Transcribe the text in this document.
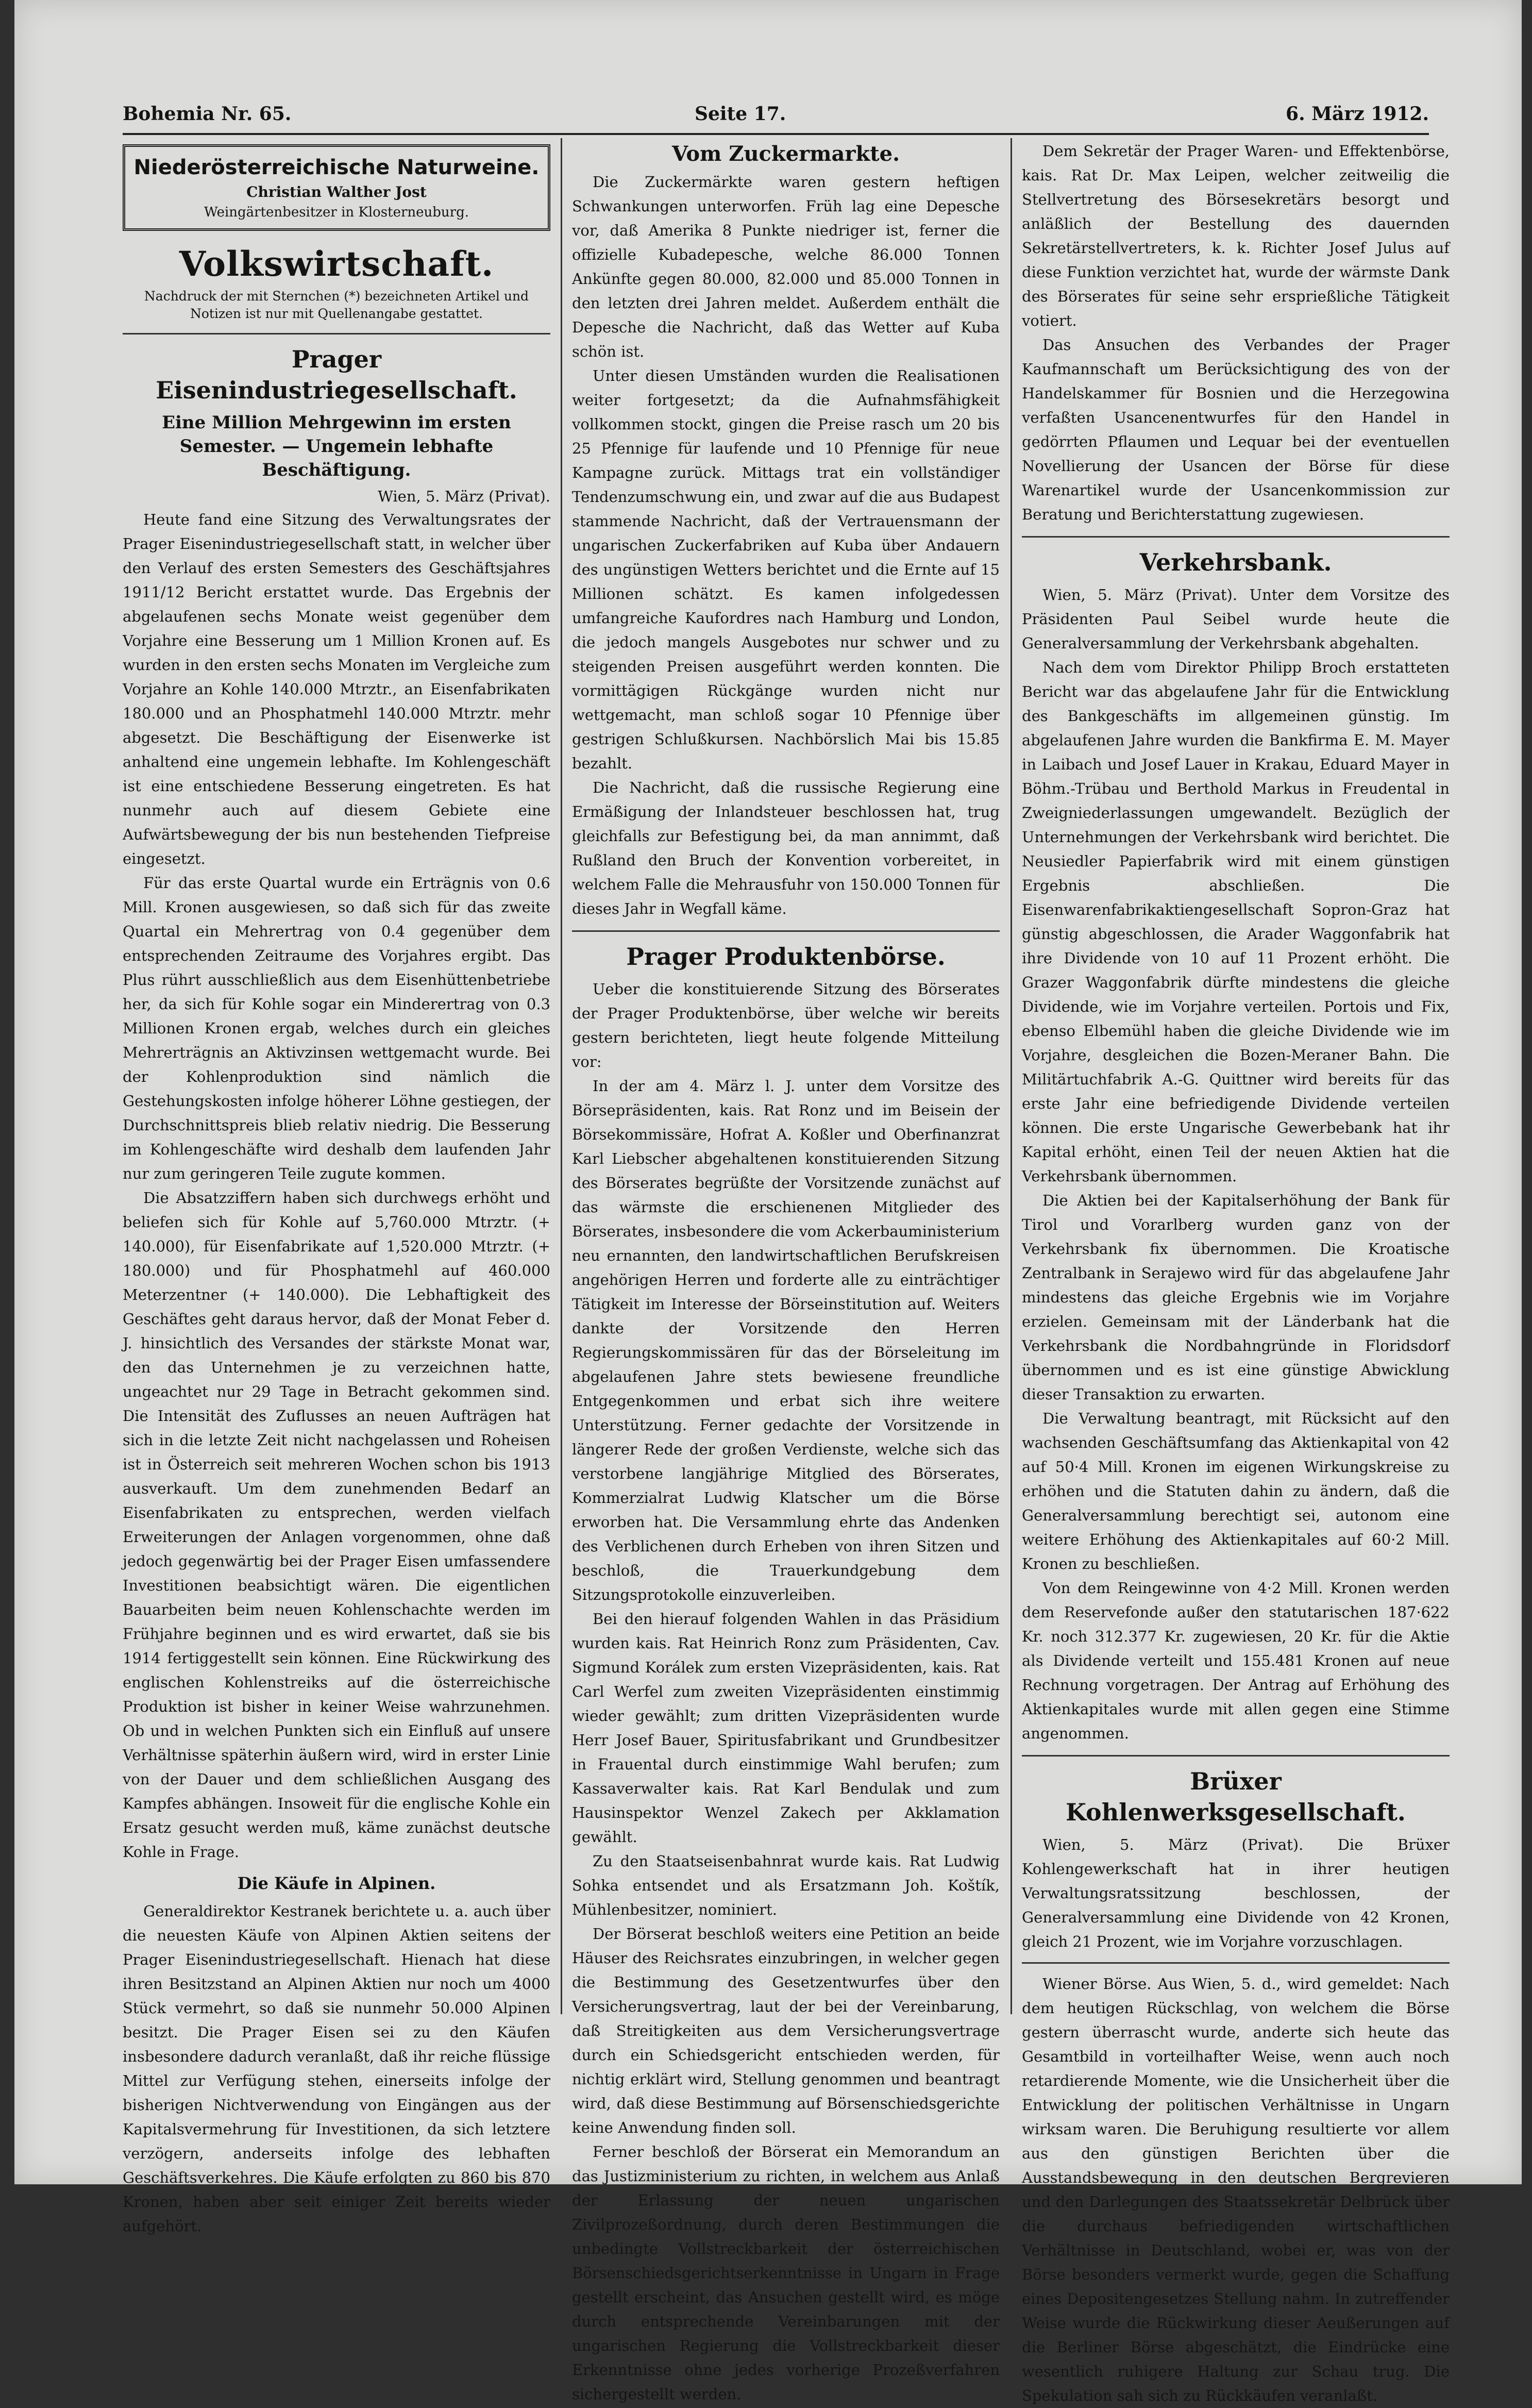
Bohemia Nr. 65.	Seite 17.	6. März 1912.
Niederösterreichische Naturweine.
Christian Walther Jost
Weingärtenbesitzer in Klosterneuburg.
Volkswirtschaft.
Nachdruck der mit Sternchen (*) bezeichneten Artikel und Notizen ist nur mit Quellenangabe gestattet.
Prager Eisenindustriegesellschaft.
Eine Million Mehrgewinn im ersten Semester. — Ungemein lebhafte Beschäftigung.
Wien, 5. März (Privat).

Heute fand eine Sitzung des Verwaltungsrates der Prager Eisenindustriegesellschaft statt, in welcher über den Verlauf des ersten Semesters des Geschäftsjahres 1911/12 Bericht erstattet wurde. Das Ergebnis der abgelaufenen sechs Monate weist gegenüber dem Vorjahre eine Besserung um 1 Million Kronen auf. Es wurden in den ersten sechs Monaten im Vergleiche zum Vorjahre an Kohle 140.000 Mtrztr., an Eisenfabrikaten 180.000 und an Phosphatmehl 140.000 Mtrztr. mehr abgesetzt. Die Beschäftigung der Eisenwerke ist anhaltend eine ungemein lebhafte. Im Kohlengeschäft ist eine entschiedene Besserung eingetreten. Es hat nunmehr auch auf diesem Gebiete eine Aufwärtsbewegung der bis nun bestehenden Tiefpreise eingesetzt.

Für das erste Quartal wurde ein Erträgnis von 0.6 Mill. Kronen ausgewiesen, so daß sich für das zweite Quartal ein Mehrertrag von 0.4 gegenüber dem entsprechenden Zeitraume des Vorjahres ergibt. Das Plus rührt ausschließlich aus dem Eisenhüttenbetriebe her, da sich für Kohle sogar ein Minderertrag von 0.3 Millionen Kronen ergab, welches durch ein gleiches Mehrerträgnis an Aktivzinsen wettgemacht wurde. Bei der Kohlenproduktion sind nämlich die Gestehungskosten infolge höherer Löhne gestiegen, der Durchschnittspreis blieb relativ niedrig. Die Besserung im Kohlengeschäfte wird deshalb dem laufenden Jahr nur zum geringeren Teile zugute kommen.

Die Absatzziffern haben sich durchwegs erhöht und beliefen sich für Kohle auf 5,760.000 Mtrztr. (+ 140.000), für Eisenfabrikate auf 1,520.000 Mtrztr. (+ 180.000) und für Phosphatmehl auf 460.000 Meterzentner (+ 140.000). Die Lebhaftigkeit des Geschäftes geht daraus hervor, daß der Monat Feber d. J. hinsichtlich des Versandes der stärkste Monat war, den das Unternehmen je zu verzeichnen hatte, ungeachtet nur 29 Tage in Betracht gekommen sind. Die Intensität des Zuflusses an neuen Aufträgen hat sich in die letzte Zeit nicht nachgelassen und Roheisen ist in Österreich seit mehreren Wochen schon bis 1913 ausverkauft. Um dem zunehmenden Bedarf an Eisenfabrikaten zu entsprechen, werden vielfach Erweiterungen der Anlagen vorgenommen, ohne daß jedoch gegenwärtig bei der Prager Eisen umfassendere Investitionen beabsichtigt wären. Die eigentlichen Bauarbeiten beim neuen Kohlenschachte werden im Frühjahre beginnen und es wird erwartet, daß sie bis 1914 fertiggestellt sein können. Eine Rückwirkung des englischen Kohlenstreiks auf die österreichische Produktion ist bisher in keiner Weise wahrzunehmen. Ob und in welchen Punkten sich ein Einfluß auf unsere Verhältnisse späterhin äußern wird, wird in erster Linie von der Dauer und dem schließlichen Ausgang des Kampfes abhängen. Insoweit für die englische Kohle ein Ersatz gesucht werden muß, käme zunächst deutsche Kohle in Frage.

Die Käufe in Alpinen.

Generaldirektor Kestranek berichtete u. a. auch über die neuesten Käufe von Alpinen Aktien seitens der Prager Eisenindustriegesellschaft. Hienach hat diese ihren Besitzstand an Alpinen Aktien nur noch um 4000 Stück vermehrt, so daß sie nunmehr 50.000 Alpinen besitzt. Die Prager Eisen sei zu den Käufen insbesondere dadurch veranlaßt, daß ihr reiche flüssige Mittel zur Verfügung stehen, einerseits infolge der bisherigen Nichtverwendung von Eingängen aus der Kapitalsvermehrung für Investitionen, da sich letztere verzögern, anderseits infolge des lebhaften Geschäftsverkehres. Die Käufe erfolgten zu 860 bis 870 Kronen, haben aber seit einiger Zeit bereits wieder aufgehört.

Vom Zuckermarkte.

Die Zuckermärkte waren gestern heftigen Schwankungen unterworfen. Früh lag eine Depesche vor, daß Amerika 8 Punkte niedriger ist, ferner die offizielle Kubadepesche, welche 86.000 Tonnen Ankünfte gegen 80.000, 82.000 und 85.000 Tonnen in den letzten drei Jahren meldet. Außerdem enthält die Depesche die Nachricht, daß das Wetter auf Kuba schön ist.

Unter diesen Umständen wurden die Realisationen weiter fortgesetzt; da die Aufnahmsfähigkeit vollkommen stockt, gingen die Preise rasch um 20 bis 25 Pfennige für laufende und 10 Pfennige für neue Kampagne zurück. Mittags trat ein vollständiger Tendenzumschwung ein, und zwar auf die aus Budapest stammende Nachricht, daß der Vertrauensmann der ungarischen Zuckerfabriken auf Kuba über Andauern des ungünstigen Wetters berichtet und die Ernte auf 15 Millionen schätzt. Es kamen infolgedessen umfangreiche Kaufordres nach Hamburg und London, die jedoch mangels Ausgebotes nur schwer und zu steigenden Preisen ausgeführt werden konnten. Die vormittägigen Rückgänge wurden nicht nur wettgemacht, man schloß sogar 10 Pfennige über gestrigen Schlußkursen. Nachbörslich Mai bis 15.85 bezahlt.

Die Nachricht, daß die russische Regierung eine Ermäßigung der Inlandsteuer beschlossen hat, trug gleichfalls zur Befestigung bei, da man annimmt, daß Rußland den Bruch der Konvention vorbereitet, in welchem Falle die Mehrausfuhr von 150.000 Tonnen für dieses Jahr in Wegfall käme.

Prager Produktenbörse.

Ueber die konstituierende Sitzung des Börserates der Prager Produktenbörse, über welche wir bereits gestern berichteten, liegt heute folgende Mitteilung vor:

In der am 4. März l. J. unter dem Vorsitze des Börsepräsidenten, kais. Rat Ronz und im Beisein der Börsekommissäre, Hofrat A. Koßler und Oberfinanzrat Karl Liebscher abgehaltenen konstituierenden Sitzung des Börserates begrüßte der Vorsitzende zunächst auf das wärmste die erschienenen Mitglieder des Börserates, insbesondere die vom Ackerbauministerium neu ernannten, den landwirtschaftlichen Berufskreisen angehörigen Herren und forderte alle zu einträchtiger Tätigkeit im Interesse der Börseinstitution auf. Weiters dankte der Vorsitzende den Herren Regierungskommissären für das der Börseleitung im abgelaufenen Jahre stets bewiesene freundliche Entgegenkommen und erbat sich ihre weitere Unterstützung. Ferner gedachte der Vorsitzende in längerer Rede der großen Verdienste, welche sich das verstorbene langjährige Mitglied des Börserates, Kommerzialrat Ludwig Klatscher um die Börse erworben hat. Die Versammlung ehrte das Andenken des Verblichenen durch Erheben von ihren Sitzen und beschloß, die Trauerkundgebung dem Sitzungsprotokolle einzuverleiben.

Bei den hierauf folgenden Wahlen in das Präsidium wurden kais. Rat Heinrich Ronz zum Präsidenten, Cav. Sigmund Korálek zum ersten Vizepräsidenten, kais. Rat Carl Werfel zum zweiten Vizepräsidenten einstimmig wieder gewählt; zum dritten Vizepräsidenten wurde Herr Josef Bauer, Spiritusfabrikant und Grundbesitzer in Frauental durch einstimmige Wahl berufen; zum Kassaverwalter kais. Rat Karl Bendulak und zum Hausinspektor Wenzel Zakech per Akklamation gewählt.

Zu den Staatseisenbahnrat wurde kais. Rat Ludwig Sohka entsendet und als Ersatzmann Joh. Koštík, Mühlenbesitzer, nominiert.

Der Börserat beschloß weiters eine Petition an beide Häuser des Reichsrates einzubringen, in welcher gegen die Bestimmung des Gesetzentwurfes über den Versicherungsvertrag, laut der bei der Vereinbarung, daß Streitigkeiten aus dem Versicherungsvertrage durch ein Schiedsgericht entschieden werden, für nichtig erklärt wird, Stellung genommen und beantragt wird, daß diese Bestimmung auf Börsenschiedsgerichte keine Anwendung finden soll.

Ferner beschloß der Börserat ein Memorandum an das Justizministerium zu richten, in welchem aus Anlaß der Erlassung der neuen ungarischen Zivilprozeßordnung, durch deren Bestimmungen die unbedingte Vollstreckbarkeit der österreichischen Börsenschiedsgerichtserkenntnisse in Ungarn in Frage gestellt erscheint, das Ansuchen gestellt wird, es möge durch entsprechende Vereinbarungen mit der ungarischen Regierung die Vollstreckbarkeit dieser Erkenntnisse ohne jedes vorherige Prozeßverfahren sichergestellt werden.

Dem Sekretär der Prager Waren- und Effektenbörse, kais. Rat Dr. Max Leipen, welcher zeitweilig die Stellvertretung des Börsesekretärs besorgt und anläßlich der Bestellung des dauernden Sekretärstellvertreters, k. k. Richter Josef Julus auf diese Funktion verzichtet hat, wurde der wärmste Dank des Börserates für seine sehr ersprießliche Tätigkeit votiert.

Das Ansuchen des Verbandes der Prager Kaufmannschaft um Berücksichtigung des von der Handelskammer für Bosnien und die Herzegowina verfaßten Usancenentwurfes für den Handel in gedörrten Pflaumen und Lequar bei der eventuellen Novellierung der Usancen der Börse für diese Warenartikel wurde der Usancenkommission zur Beratung und Berichterstattung zugewiesen.

Verkehrsbank.

Wien, 5. März (Privat). Unter dem Vorsitze des Präsidenten Paul Seibel wurde heute die Generalversammlung der Verkehrsbank abgehalten.

Nach dem vom Direktor Philipp Broch erstatteten Bericht war das abgelaufene Jahr für die Entwicklung des Bankgeschäfts im allgemeinen günstig. Im abgelaufenen Jahre wurden die Bankfirma E. M. Mayer in Laibach und Josef Lauer in Krakau, Eduard Mayer in Böhm.-Trübau und Berthold Markus in Freudental in Zweigniederlassungen umgewandelt. Bezüglich der Unternehmungen der Verkehrsbank wird berichtet. Die Neusiedler Papierfabrik wird mit einem günstigen Ergebnis abschließen. Die Eisenwarenfabrikaktiengesellschaft Sopron-Graz hat günstig abgeschlossen, die Arader Waggonfabrik hat ihre Dividende von 10 auf 11 Prozent erhöht. Die Grazer Waggonfabrik dürfte mindestens die gleiche Dividende, wie im Vorjahre verteilen. Portois und Fix, ebenso Elbemühl haben die gleiche Dividende wie im Vorjahre, desgleichen die Bozen-Meraner Bahn. Die Militärtuchfabrik A.-G. Quittner wird bereits für das erste Jahr eine befriedigende Dividende verteilen können. Die erste Ungarische Gewerbebank hat ihr Kapital erhöht, einen Teil der neuen Aktien hat die Verkehrsbank übernommen.

Die Aktien bei der Kapitalserhöhung der Bank für Tirol und Vorarlberg wurden ganz von der Verkehrsbank fix übernommen. Die Kroatische Zentralbank in Serajewo wird für das abgelaufene Jahr mindestens das gleiche Ergebnis wie im Vorjahre erzielen. Gemeinsam mit der Länderbank hat die Verkehrsbank die Nordbahngründe in Floridsdorf übernommen und es ist eine günstige Abwicklung dieser Transaktion zu erwarten.

Die Verwaltung beantragt, mit Rücksicht auf den wachsenden Geschäftsumfang das Aktienkapital von 42 auf 50·4 Mill. Kronen im eigenen Wirkungskreise zu erhöhen und die Statuten dahin zu ändern, daß die Generalversammlung berechtigt sei, autonom eine weitere Erhöhung des Aktienkapitales auf 60·2 Mill. Kronen zu beschließen.

Von dem Reingewinne von 4·2 Mill. Kronen werden dem Reservefonde außer den statutarischen 187·622 Kr. noch 312.377 Kr. zugewiesen, 20 Kr. für die Aktie als Dividende verteilt und 155.481 Kronen auf neue Rechnung vorgetragen. Der Antrag auf Erhöhung des Aktienkapitales wurde mit allen gegen eine Stimme angenommen.

Brüxer Kohlenwerksgesellschaft.

Wien, 5. März (Privat). Die Brüxer Kohlengewerkschaft hat in ihrer heutigen Verwaltungsratssitzung beschlossen, der Generalversammlung eine Dividende von 42 Kronen, gleich 21 Prozent, wie im Vorjahre vorzuschlagen.

Wiener Börse. Aus Wien, 5. d., wird gemeldet: Nach dem heutigen Rückschlag, von welchem die Börse gestern überrascht wurde, anderte sich heute das Gesamtbild in vorteilhafter Weise, wenn auch noch retardierende Momente, wie die Unsicherheit über die Entwicklung der politischen Verhältnisse in Ungarn wirksam waren. Die Beruhigung resultierte vor allem aus den günstigen Berichten über die Ausstandsbewegung in den deutschen Bergrevieren und den Darlegungen des Staatssekretär Delbrück über die durchaus befriedigenden wirtschaftlichen Verhältnisse in Deutschland, wobei er, was von der Börse besonders vermerkt wurde, gegen die Schaffung eines Depositengesetzes Stellung nahm. In zutreffender Weise wurde die Rückwirkung dieser Aeußerungen auf die Berliner Börse abgeschätzt, die Eindrücke eine wesentlich ruhigere Haltung zur Schau trug. Die Spekulation sah sich zu Rückkäufen veranlaßt.
